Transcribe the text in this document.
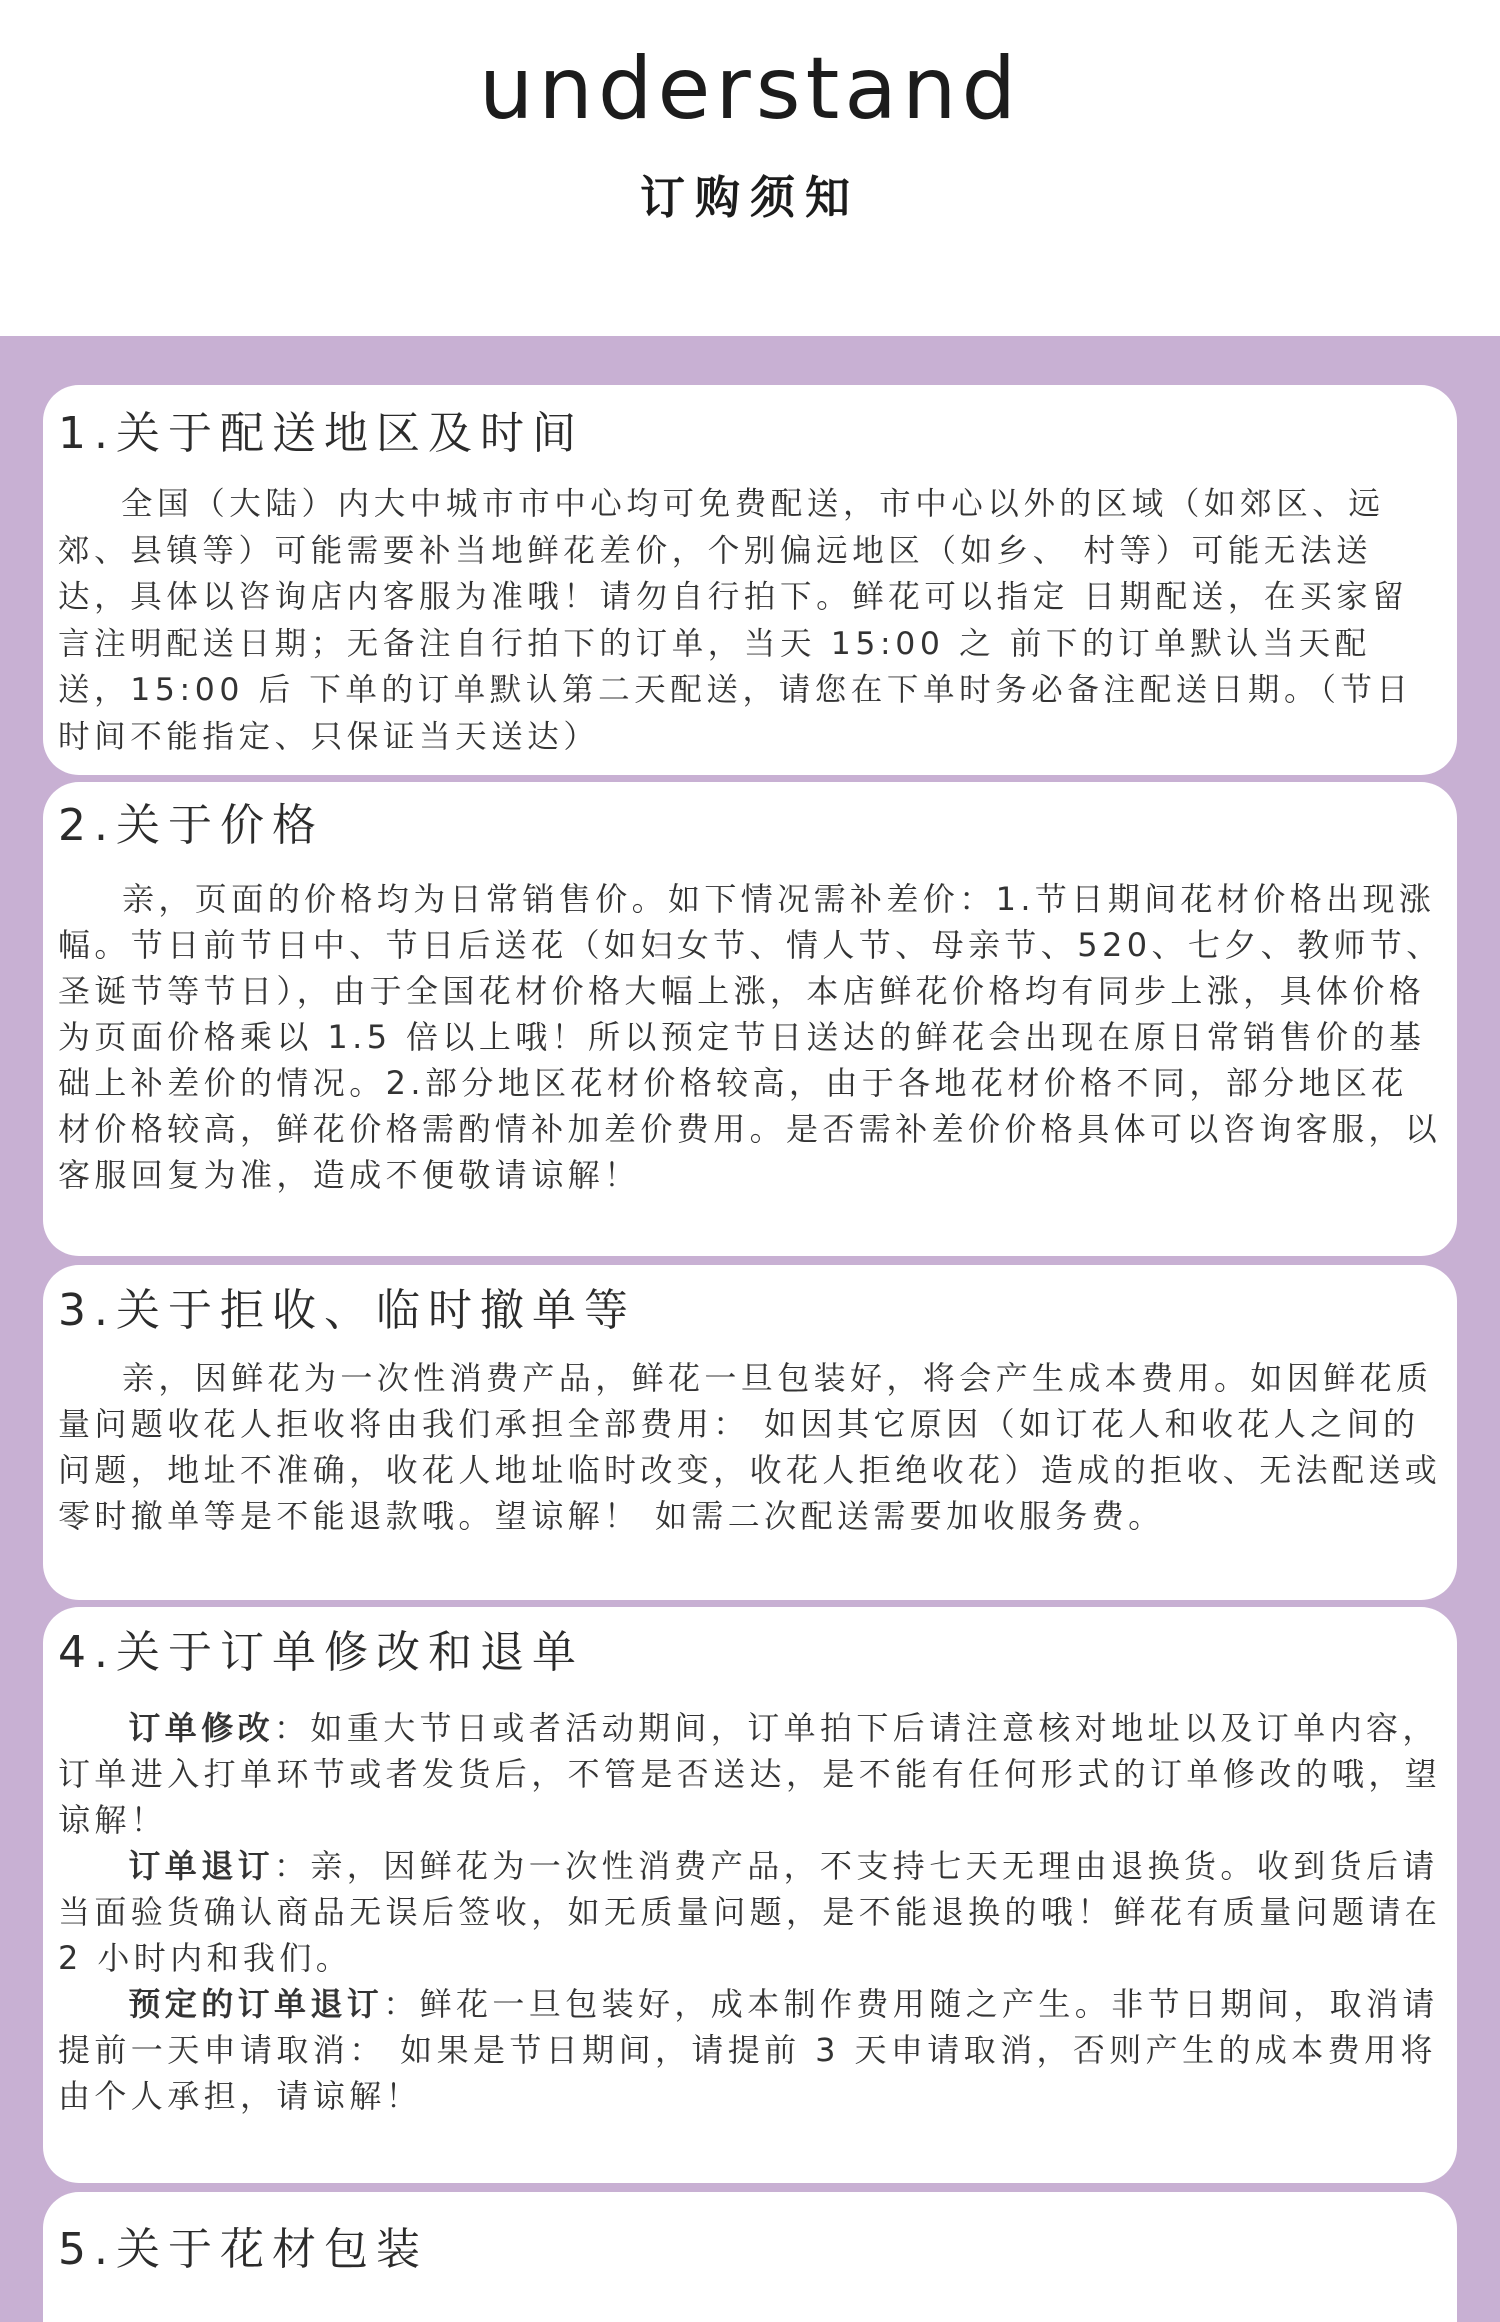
understand
订购须知
1.关于配送地区及时间

全国（大陆）内大中城市市中心均可免费配送，市中心以外的区域（如郊区、远郊、县镇等）可能需要补当地鲜花差价，个别偏远地区（如乡、 村等）可能无法送达，具体以咨询店内客服为准哦！请勿自行拍下。鲜花可以指定 日期配送，在买家留言注明配送日期；无备注自行拍下的订单，当天 15:00 之 前下的订单默认当天配送，15:00 后 下单的订单默认第二天配送，请您在下单时务必备注配送日期。（节日时间不能指定、只保证当天送达）

2.关于价格

亲，页面的价格均为日常销售价。如下情况需补差价：1.节日期间花材价格出现涨幅。节日前节日中、节日后送花（如妇女节、情人节、母亲节、520、七夕、教师节、圣诞节等节日），由于全国花材价格大幅上涨，本店鲜花价格均有同步上涨，具体价格为页面价格乘以 1.5 倍以上哦！所以预定节日送达的鲜花会出现在原日常销售价的基础上补差价的情况。2.部分地区花材价格较高，由于各地花材价格不同，部分地区花材价格较高，鲜花价格需酌情补加差价费用。是否需补差价价格具体可以咨询客服，以客服回复为准，造成不便敬请谅解！

3.关于拒收、临时撤单等

亲，因鲜花为一次性消费产品，鲜花一旦包装好，将会产生成本费用。如因鲜花质量问题收花人拒收将由我们承担全部费用： 如因其它原因（如订花人和收花人之间的问题，地址不准确，收花人地址临时改变，收花人拒绝收花）造成的拒收、无法配送或零时撤单等是不能退款哦。望谅解！ 如需二次配送需要加收服务费。

4.关于订单修改和退单

订单修改：如重大节日或者活动期间，订单拍下后请注意核对地址以及订单内容，订单进入打单环节或者发货后，不管是否送达，是不能有任何形式的订单修改的哦，望谅解！

订单退订：亲，因鲜花为一次性消费产品，不支持七天无理由退换货。收到货后请当面验货确认商品无误后签收，如无质量问题，是不能退换的哦！鲜花有质量问题请在 2 小时内和我们。

预定的订单退订：鲜花一旦包装好，成本制作费用随之产生。非节日期间，取消请提前一天申请取消： 如果是节日期间，请提前 3 天申请取消，否则产生的成本费用将由个人承担，请谅解！

5.关于花材包装
